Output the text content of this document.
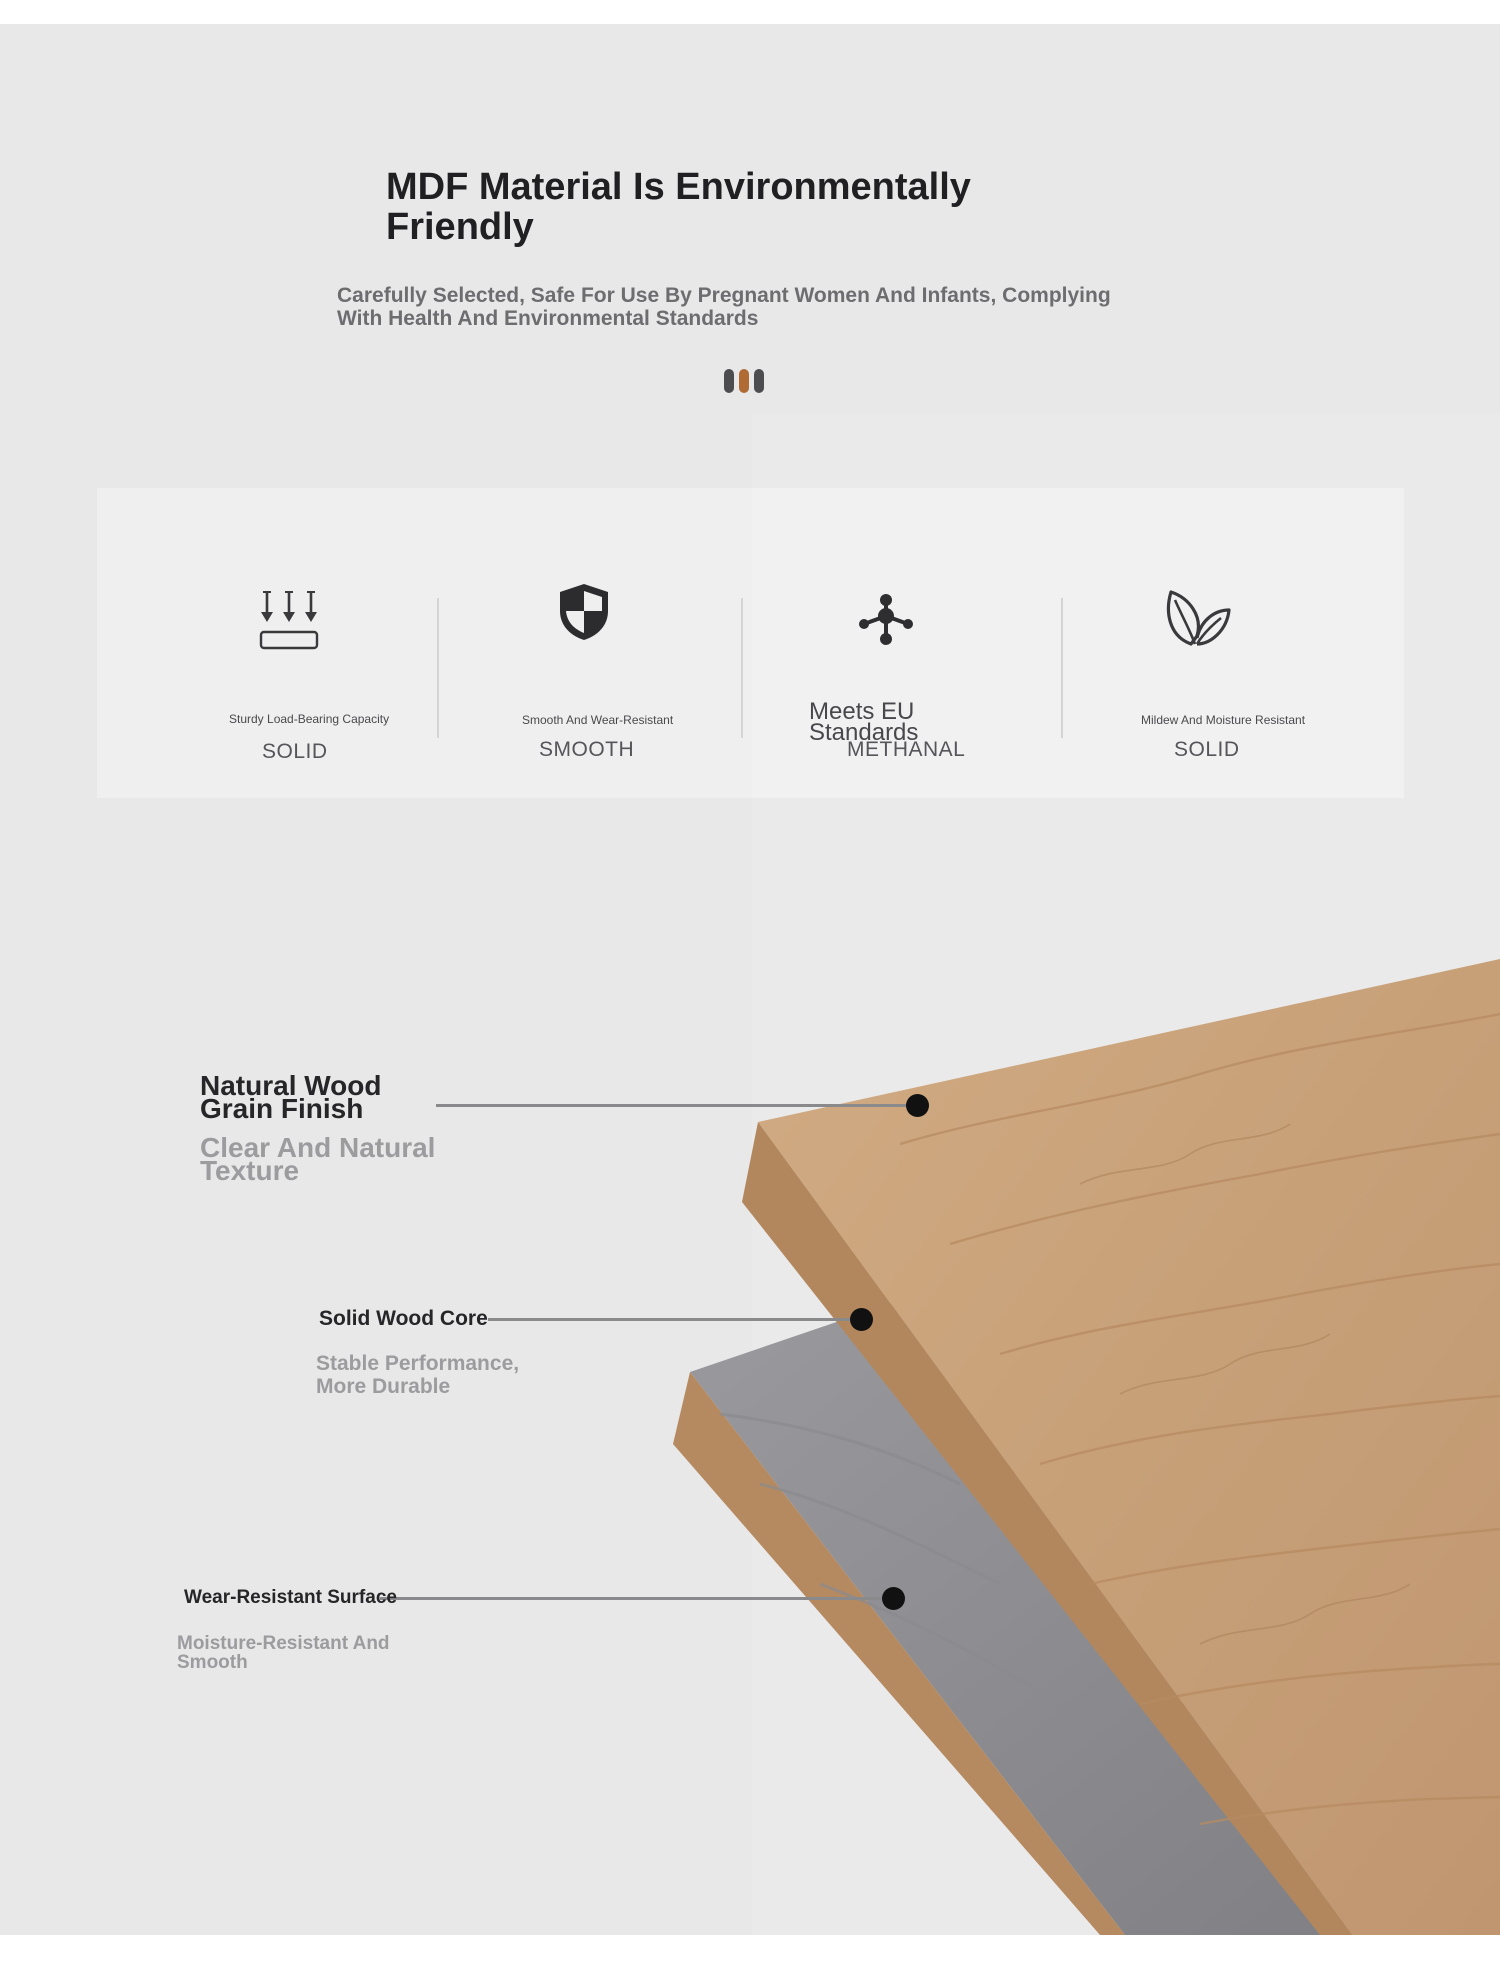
MDF Material Is Environmentally Friendly

Carefully Selected, Safe For Use By Pregnant Women And Infants, Complying With Health And Environmental Standards

Sturdy Load-Bearing Capacity
SOLID
Smooth And Wear-Resistant
SMOOTH
Meets EU Standards
METHANAL
Mildew And Moisture Resistant
SOLID

Natural Wood Grain Finish

Clear And Natural Texture

Solid Wood Core

Stable Performance, More Durable

Wear-Resistant Surface

Moisture-Resistant And Smooth
